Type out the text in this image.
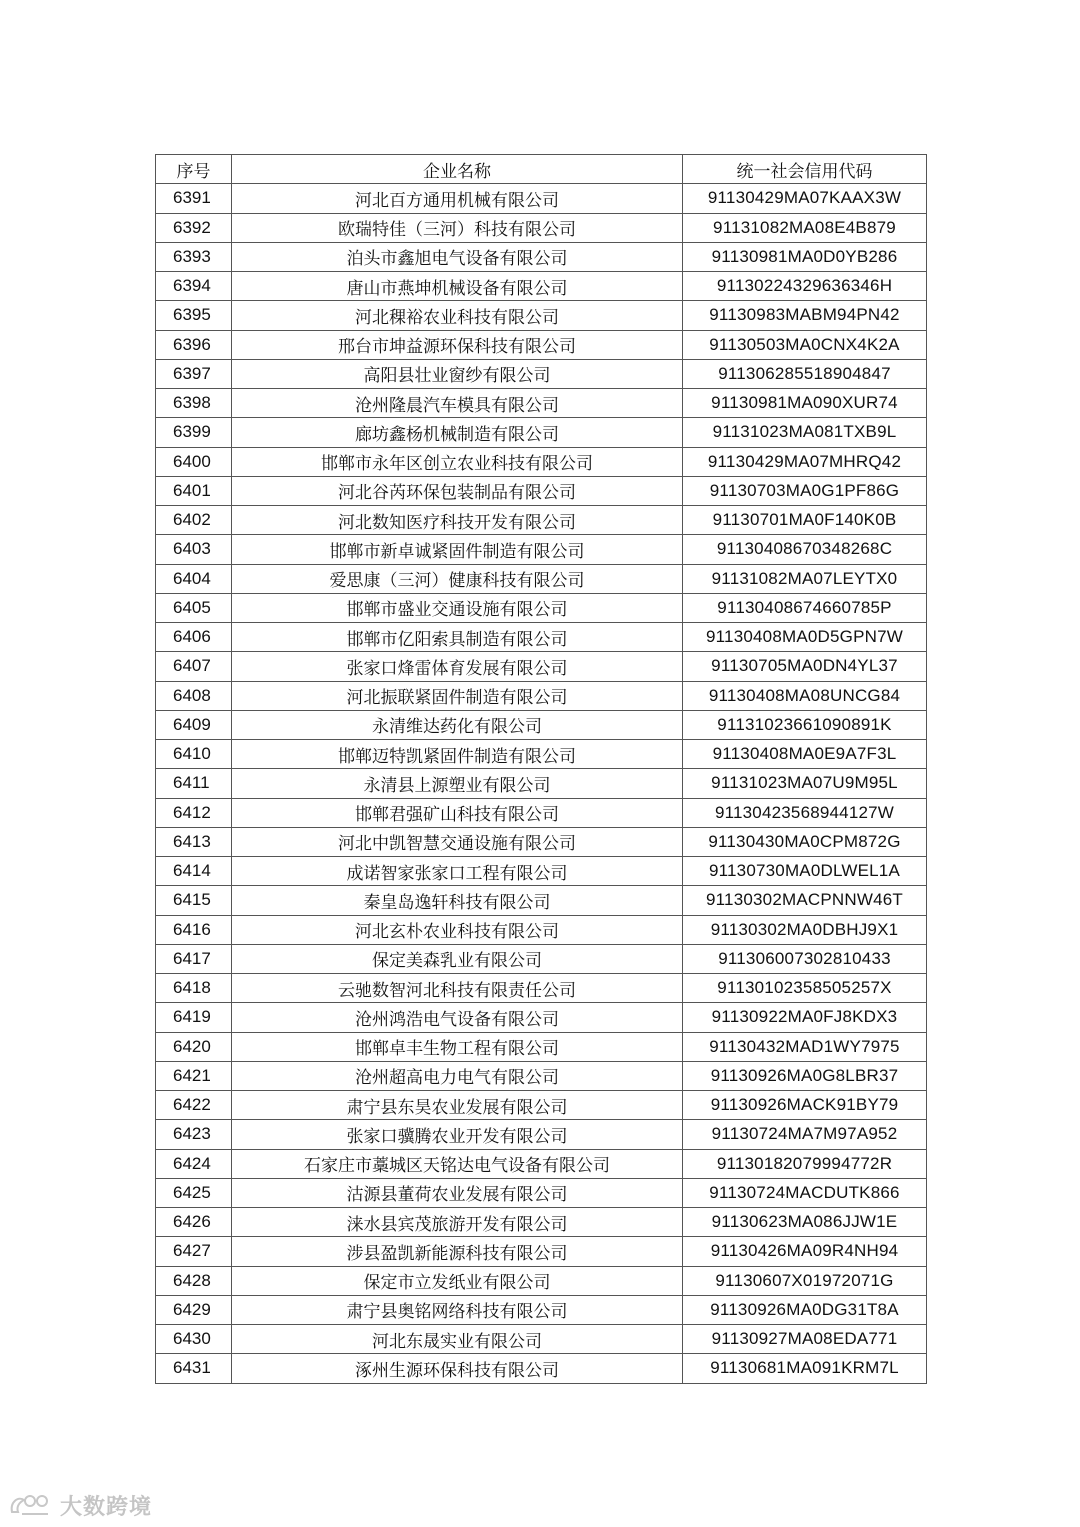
序号	企业名称	统一社会信用代码
6391	河北百方通用机械有限公司	91130429MA07KAAX3W
6392	欧瑞特佳（三河）科技有限公司	91131082MA08E4B879
6393	泊头市鑫旭电气设备有限公司	91130981MA0D0YB286
6394	唐山市燕坤机械设备有限公司	91130224329636346H
6395	河北稞裕农业科技有限公司	91130983MABM94PN42
6396	邢台市坤益源环保科技有限公司	91130503MA0CNX4K2A
6397	高阳县壮业窗纱有限公司	911306285518904847
6398	沧州隆晨汽车模具有限公司	91130981MA090XUR74
6399	廊坊鑫杨机械制造有限公司	91131023MA081TXB9L
6400	邯郸市永年区创立农业科技有限公司	91130429MA07MHRQ42
6401	河北谷芮环保包装制品有限公司	91130703MA0G1PF86G
6402	河北数知医疗科技开发有限公司	91130701MA0F140K0B
6403	邯郸市新卓诚紧固件制造有限公司	91130408670348268C
6404	爱思康（三河）健康科技有限公司	91131082MA07LEYTX0
6405	邯郸市盛业交通设施有限公司	91130408674660785P
6406	邯郸市亿阳索具制造有限公司	91130408MA0D5GPN7W
6407	张家口烽雷体育发展有限公司	91130705MA0DN4YL37
6408	河北振联紧固件制造有限公司	91130408MA08UNCG84
6409	永清维达药化有限公司	91131023661090891K
6410	邯郸迈特凯紧固件制造有限公司	91130408MA0E9A7F3L
6411	永清县上源塑业有限公司	91131023MA07U9M95L
6412	邯郸君强矿山科技有限公司	91130423568944127W
6413	河北中凯智慧交通设施有限公司	91130430MA0CPM872G
6414	成诺智家张家口工程有限公司	91130730MA0DLWEL1A
6415	秦皇岛逸轩科技有限公司	91130302MACPNNW46T
6416	河北玄朴农业科技有限公司	91130302MA0DBHJ9X1
6417	保定美森乳业有限公司	911306007302810433
6418	云驰数智河北科技有限责任公司	91130102358505257X
6419	沧州鸿浩电气设备有限公司	91130922MA0FJ8KDX3
6420	邯郸卓丰生物工程有限公司	91130432MAD1WY7975
6421	沧州超高电力电气有限公司	91130926MA0G8LBR37
6422	肃宁县东昊农业发展有限公司	91130926MACK91BY79
6423	张家口骥腾农业开发有限公司	91130724MA7M97A952
6424	石家庄市藁城区天铭达电气设备有限公司	91130182079994772R
6425	沽源县董荷农业发展有限公司	91130724MACDUTK866
6426	涞水县宾茂旅游开发有限公司	91130623MA086JJW1E
6427	涉县盈凯新能源科技有限公司	91130426MA09R4NH94
6428	保定市立发纸业有限公司	91130607X01972071G
6429	肃宁县奥铭网络科技有限公司	91130926MA0DG31T8A
6430	河北东晟实业有限公司	91130927MA08EDA771
6431	涿州生源环保科技有限公司	91130681MA091KRM7L
大数跨境
